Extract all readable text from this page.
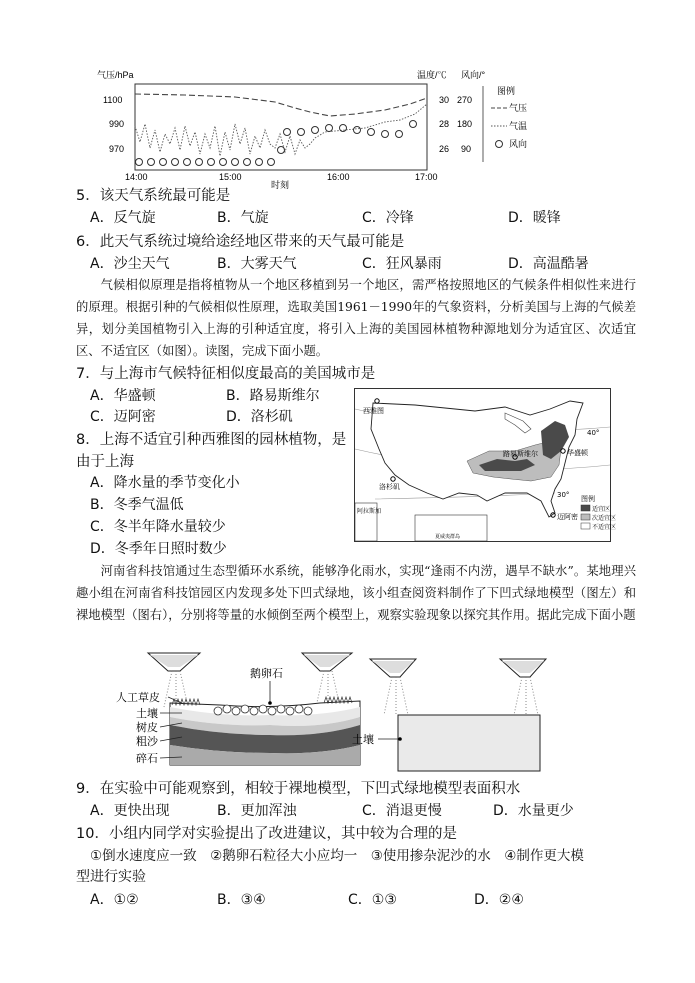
气压/hPa	温度/℃ 风向/°
1100
990
970
30
28
26
270
180
90
14:00	15:00	16:00	17:00
时刻
图例
气压
气温
风向
5．该天气系统最可能是
A．反气旋	B．气旋	C．冷锋	D．暖锋
6．此天气系统过境给途经地区带来的天气最可能是
A．沙尘天气	B．大雾天气	C．狂风暴雨	D．高温酷暑

气候相似原理是指将植物从一个地区移植到另一个地区，需严格按照地区的气候条件相似性来进行的原理。根据引种的气候相似性原理，选取美国1961－1990年的气象资料，分析美国与上海的气候差异，划分美国植物引入上海的引种适宜度，将引入上海的美国园林植物种源地划分为适宜区、次适宜区、不适宜区（如图）。读图，完成下面小题。

7．与上海市气候特征相似度最高的美国城市是
A．华盛顿	B．路易斯维尔
C．迈阿密	D．洛杉矶
8．上海不适宜引种西雅图的园林植物，是
由于上海
A．降水量的季节变化小
B．冬季气温低
C．冬半年降水量较少
D．冬季年日照时数少
西雅图
路易斯维尔	华盛顿
洛杉矶
迈阿密
40°
30°
阿拉斯加
夏威夷群岛
图例
适宜区
次适宜区
不适宜区

河南省科技馆通过生态型循环水系统，能够净化雨水，实现“逢雨不内涝，遇旱不缺水”。某地理兴趣小组在河南省科技馆园区内发现多处下凹式绿地，该小组查阅资料制作了下凹式绿地模型（图左）和裸地模型（图右），分别将等量的水倾倒至两个模型上，观察实验现象以探究其作用。据此完成下面小题

鹅卵石
人工草皮
土壤
树皮
粗沙
碎石
土壤
9．在实验中可能观察到，相较于裸地模型，下凹式绿地模型表面积水
A．更快出现	B．更加浑浊	C．消退更慢	D．水量更少
10．小组内同学对实验提出了改进建议，其中较为合理的是
①倒水速度应一致　②鹅卵石粒径大小应均一　③使用掺杂泥沙的水　④制作更大模
型进行实验
A．①②	B．③④	C．①③	D．②④
